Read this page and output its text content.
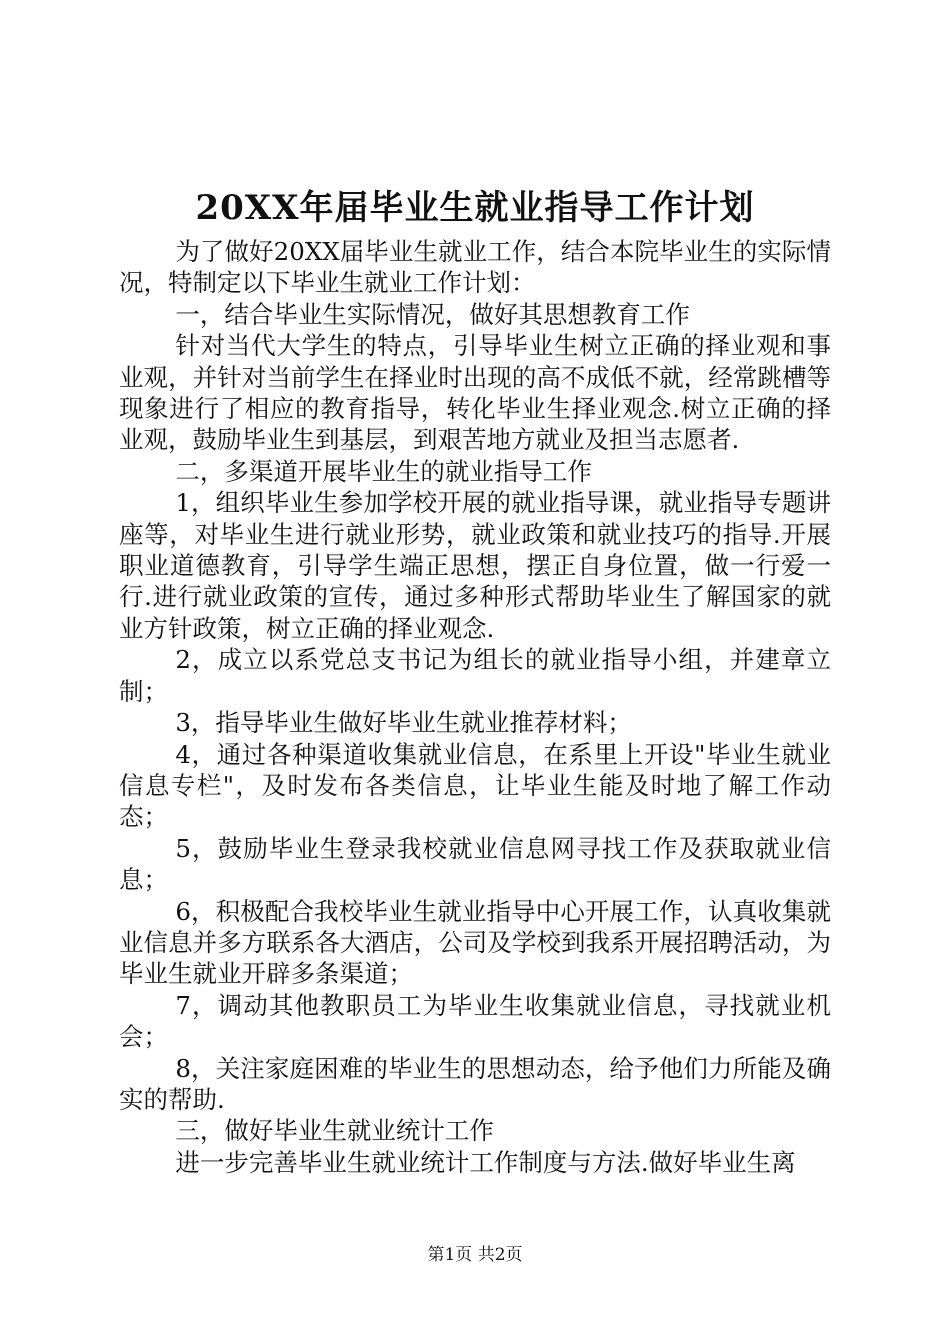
20XX年届毕业生就业指导工作计划

为了做好20XX届毕业生就业工作，结合本院毕业生的实际情况，特制定以下毕业生就业工作计划：

一，结合毕业生实际情况，做好其思想教育工作

针对当代大学生的特点，引导毕业生树立正确的择业观和事业观，并针对当前学生在择业时出现的高不成低不就，经常跳槽等现象进行了相应的教育指导，转化毕业生择业观念.树立正确的择业观，鼓励毕业生到基层，到艰苦地方就业及担当志愿者.

二，多渠道开展毕业生的就业指导工作

1，组织毕业生参加学校开展的就业指导课，就业指导专题讲座等，对毕业生进行就业形势，就业政策和就业技巧的指导.开展职业道德教育，引导学生端正思想，摆正自身位置，做一行爱一行.进行就业政策的宣传，通过多种形式帮助毕业生了解国家的就业方针政策，树立正确的择业观念.

2，成立以系党总支书记为组长的就业指导小组，并建章立制；

3，指导毕业生做好毕业生就业推荐材料；

4，通过各种渠道收集就业信息，在系里上开设"毕业生就业信息专栏"，及时发布各类信息，让毕业生能及时地了解工作动态；

5，鼓励毕业生登录我校就业信息网寻找工作及获取就业信息；

6，积极配合我校毕业生就业指导中心开展工作，认真收集就业信息并多方联系各大酒店，公司及学校到我系开展招聘活动，为毕业生就业开辟多条渠道；

7，调动其他教职员工为毕业生收集就业信息，寻找就业机会；

8，关注家庭困难的毕业生的思想动态，给予他们力所能及确实的帮助.

三，做好毕业生就业统计工作

进一步完善毕业生就业统计工作制度与方法.做好毕业生离

第1页 共2页
